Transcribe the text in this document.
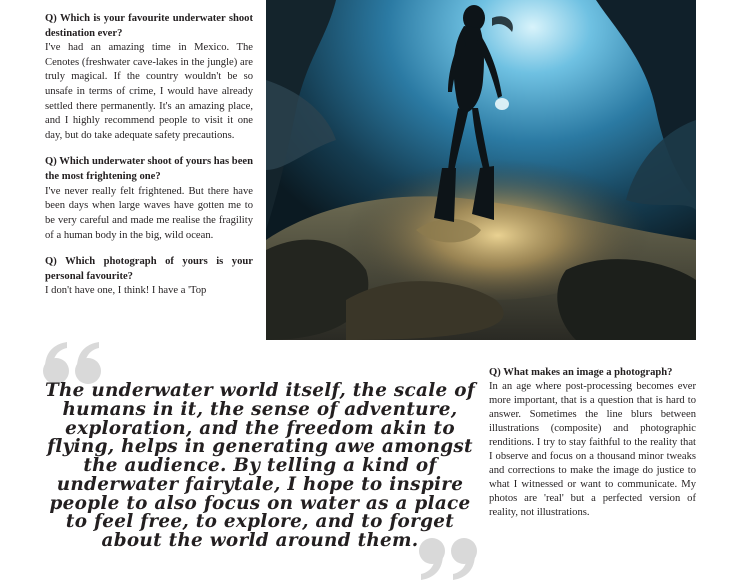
Q) Which is your favourite underwater shoot destination ever?

I've had an amazing time in Mexico. The Cenotes (freshwater cave-lakes in the jungle) are truly magical. If the country wouldn't be so unsafe in terms of crime, I would have already settled there permanently. It's an amazing place, and I highly recommend people to visit it one day, but do take adequate safety precautions.

Q) Which underwater shoot of yours has been the most frightening one?

I've never really felt frightened. But there have been days when large waves have gotten me to be very careful and made me realise the fragility of a human body in the big, wild ocean.

Q) Which photograph of yours is your personal favourite?

I don't have one, I think! I have a 'Top

The underwater world itself, the scale of humans in it, the sense of adventure, exploration, and the freedom akin to flying, helps in generating awe amongst the audience. By telling a kind of underwater fairytale, I hope to inspire people to also focus on water as a place to feel free, to explore, and to forget about the world around them.

Q) What makes an image a photograph?

In an age where post-processing becomes ever more important, that is a question that is hard to answer. Sometimes the line blurs between illustrations (composite) and photographic renditions. I try to stay faithful to the reality that I observe and focus on a thousand minor tweaks and corrections to make the image do justice to what I witnessed or want to communicate. My photos are 'real' but a perfected version of reality, not illustrations.
